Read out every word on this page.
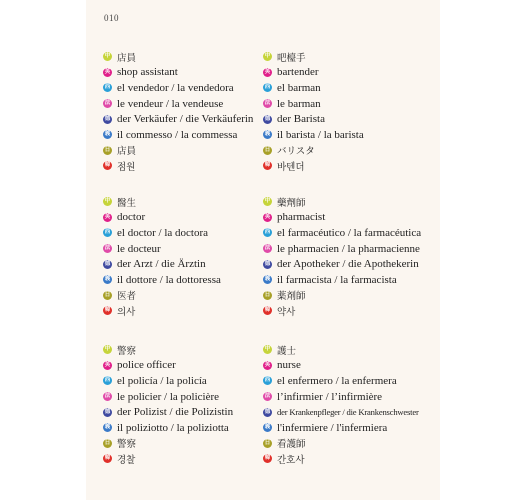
010
中 店員
英 shop assistant
西 el vendedor / la vendedora
法 le vendeur / la vendeuse
德 der Verkäufer / die Verkäuferin
義 il commesso / la commessa
日 店員
韓 점원
中 吧檯手
英 bartender
西 el barman
法 le barman
德 der Barista
義 il barista / la barista
日 バリスタ
韓 바텐더
中 醫生
英 doctor
西 el doctor / la doctora
法 le docteur
德 der Arzt / die Ärztin
義 il dottore / la dottoressa
日 医者
韓 의사
中 藥劑師
英 pharmacist
西 el farmacéutico / la farmacéutica
法 le pharmacien / la pharmacienne
德 der Apotheker / die Apothekerin
義 il farmacista / la farmacista
日 薬剤師
韓 약사
中 警察
英 police officer
西 el policía / la policía
法 le policier / la policière
德 der Polizist / die Polizistin
義 il poliziotto / la poliziotta
日 警察
韓 경찰
中 護士
英 nurse
西 el enfermero / la enfermera
法 l’infirmier / l’infirmière
德 der Krankenpfleger / die Krankenschwester
義 l'infermiere / l'infermiera
日 看護師
韓 간호사
